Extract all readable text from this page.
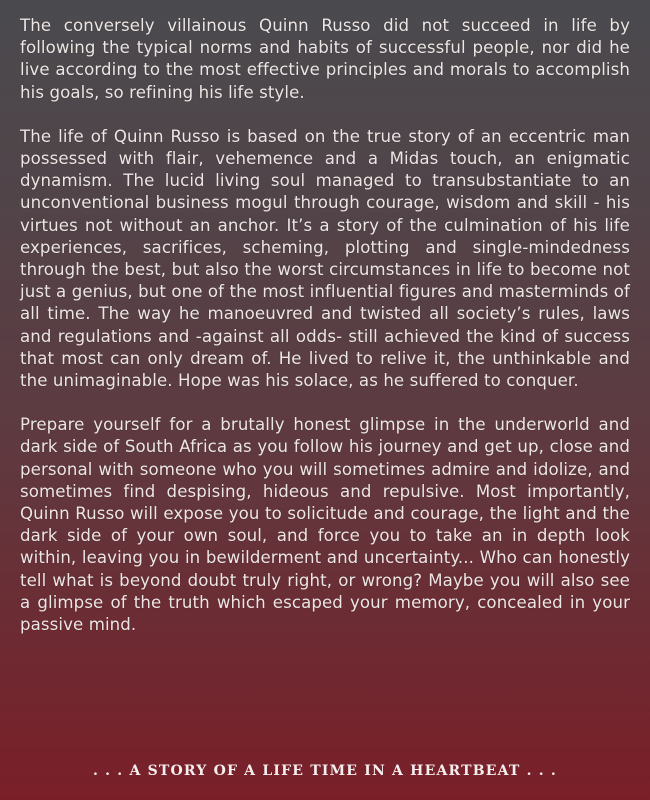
The conversely villainous Quinn Russo did not succeed in life by following the typical norms and habits of successful people, nor did he live according to the most effective principles and morals to accomplish his goals, so refining his life style.

The life of Quinn Russo is based on the true story of an eccentric man possessed with flair, vehemence and a Midas touch, an enigmatic dynamism. The lucid living soul managed to transubstantiate to an unconventional business mogul through courage, wisdom and skill - his virtues not without an anchor. It’s a story of the culmination of his life experiences, sacrifices, scheming, plotting and single-mindedness through the best, but also the worst circumstances in life to become not just a genius, but one of the most influential figures and masterminds of all time. The way he manoeuvred and twisted all society’s rules, laws and regulations and -against all odds- still achieved the kind of success that most can only dream of. He lived to relive it, the unthinkable and the unimaginable. Hope was his solace, as he suffered to conquer.

Prepare yourself for a brutally honest glimpse in the underworld and dark side of South Africa as you follow his journey and get up, close and personal with someone who you will sometimes admire and idolize, and sometimes find despising, hideous and repulsive. Most importantly, Quinn Russo will expose you to solicitude and courage, the light and the dark side of your own soul, and force you to take an in depth look within, leaving you in bewilderment and uncertainty... Who can honestly tell what is beyond doubt truly right, or wrong? Maybe you will also see a glimpse of the truth which escaped your memory, concealed in your passive mind.

. . . A STORY OF A LIFE TIME IN A HEARTBEAT . . .
